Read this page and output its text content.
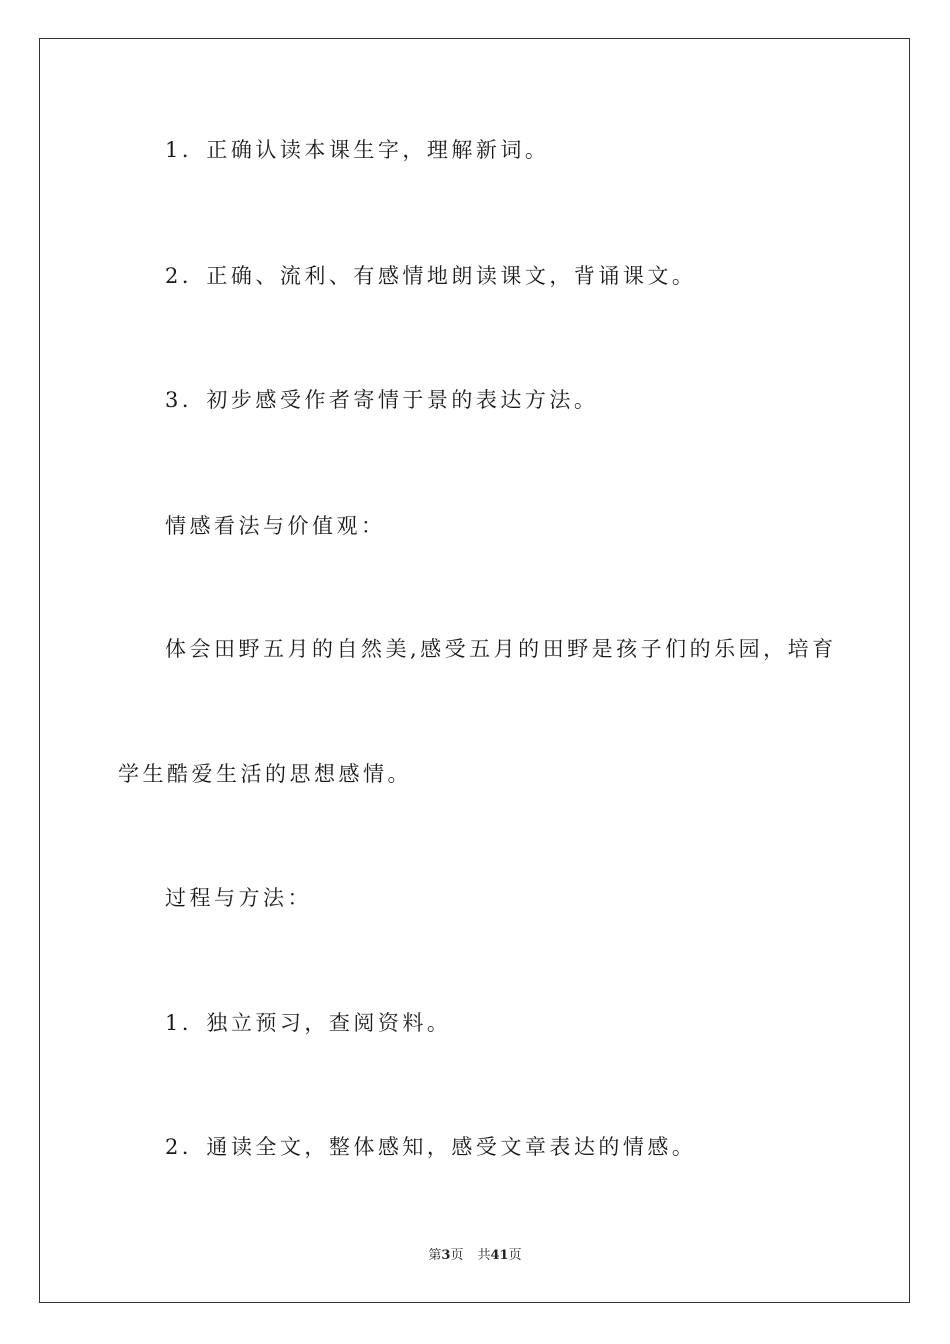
1．正确认读本课生字，理解新词。
2．正确、流利、有感情地朗读课文，背诵课文。
3．初步感受作者寄情于景的表达方法。
情感看法与价值观：
体会田野五月的自然美,感受五月的田野是孩子们的乐园，培育
学生酷爱生活的思想感情。
过程与方法：
1．独立预习，查阅资料。
2．通读全文，整体感知，感受文章表达的情感。
第3页 共41页
